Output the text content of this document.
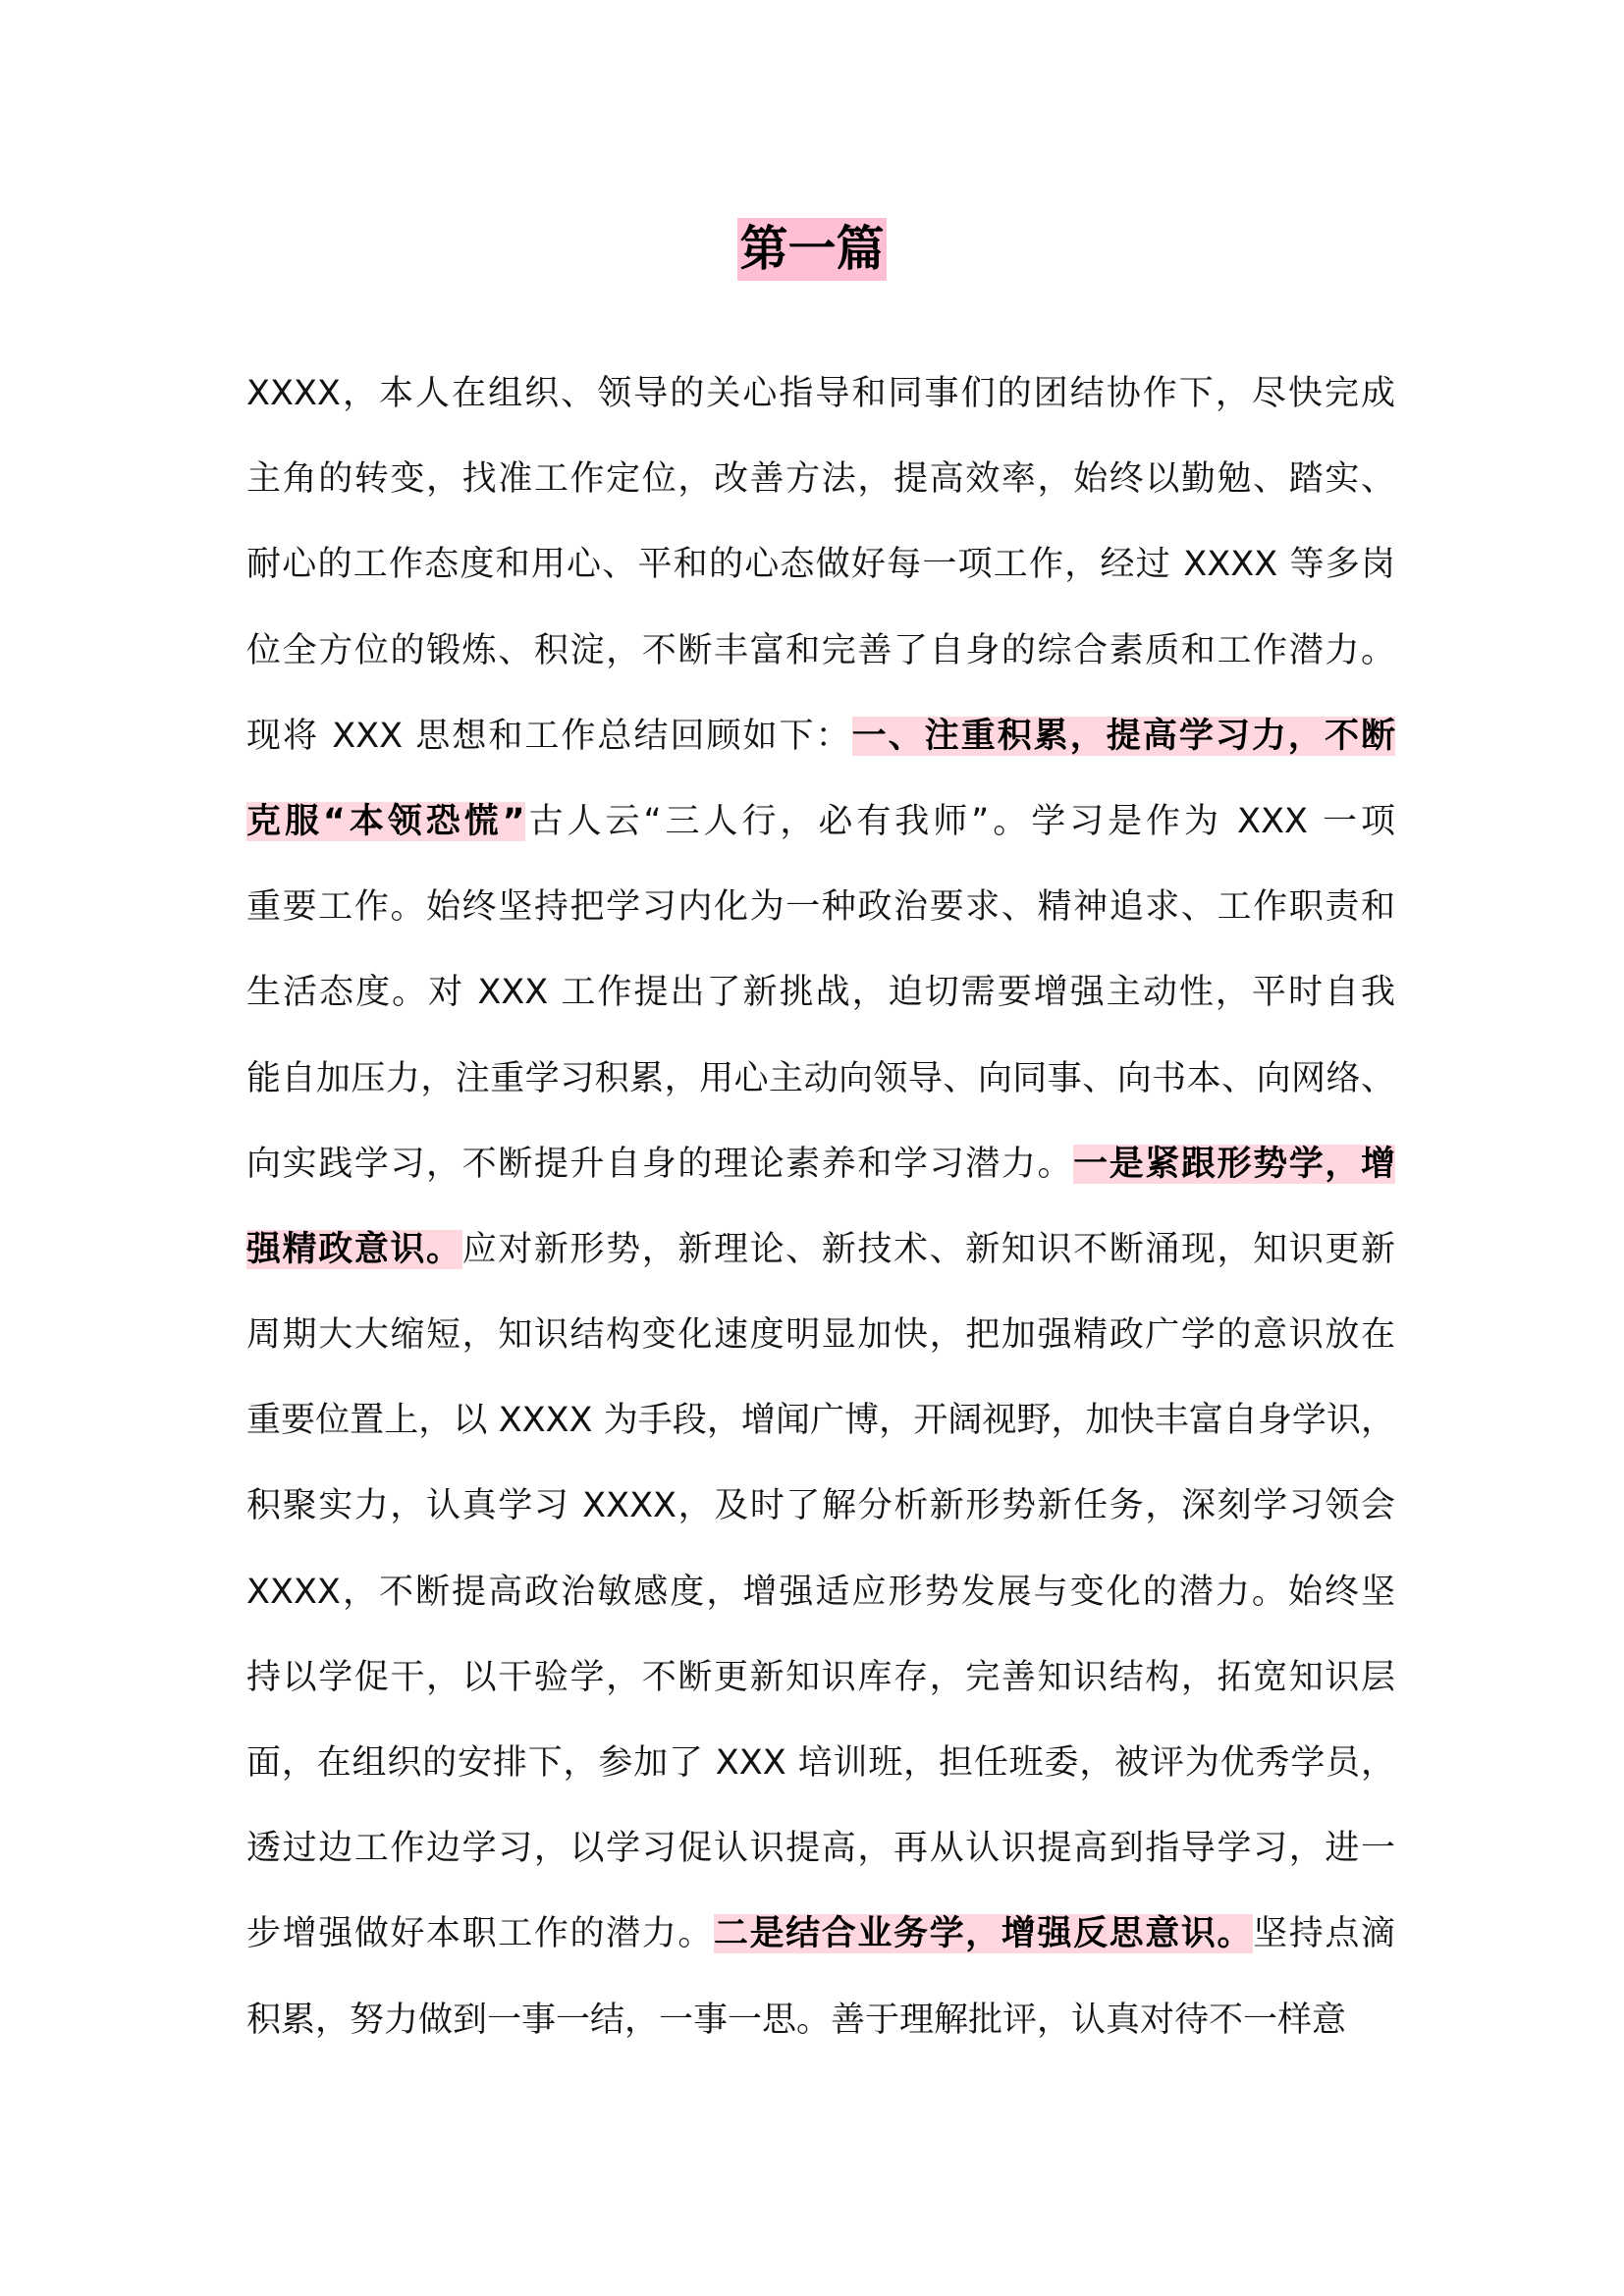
第一篇
XXXX，本人在组织、领导的关心指导和同事们的团结协作下，尽快完成
主角的转变，找准工作定位，改善方法，提高效率，始终以勤勉、踏实、
耐心的工作态度和用心、平和的心态做好每一项工作，经过 XXXX 等多岗
位全方位的锻炼、积淀，不断丰富和完善了自身的综合素质和工作潜力。
现将 XXX 思想和工作总结回顾如下：一、注重积累，提高学习力，不断
克服“本领恐慌”古人云“三人行，必有我师”。学习是作为 XXX 一项
重要工作。始终坚持把学习内化为一种政治要求、精神追求、工作职责和
生活态度。对 XXX 工作提出了新挑战，迫切需要增强主动性，平时自我
能自加压力，注重学习积累，用心主动向领导、向同事、向书本、向网络、
向实践学习，不断提升自身的理论素养和学习潜力。一是紧跟形势学，增
强精政意识。应对新形势，新理论、新技术、新知识不断涌现，知识更新
周期大大缩短，知识结构变化速度明显加快，把加强精政广学的意识放在
重要位置上，以 XXXX 为手段，增闻广博，开阔视野，加快丰富自身学识，
积聚实力，认真学习 XXXX，及时了解分析新形势新任务，深刻学习领会
XXXX，不断提高政治敏感度，增强适应形势发展与变化的潜力。始终坚
持以学促干，以干验学，不断更新知识库存，完善知识结构，拓宽知识层
面，在组织的安排下，参加了 XXX 培训班，担任班委，被评为优秀学员，
透过边工作边学习，以学习促认识提高，再从认识提高到指导学习，进一
步增强做好本职工作的潜力。二是结合业务学，增强反思意识。坚持点滴
积累，努力做到一事一结，一事一思。善于理解批评，认真对待不一样意
